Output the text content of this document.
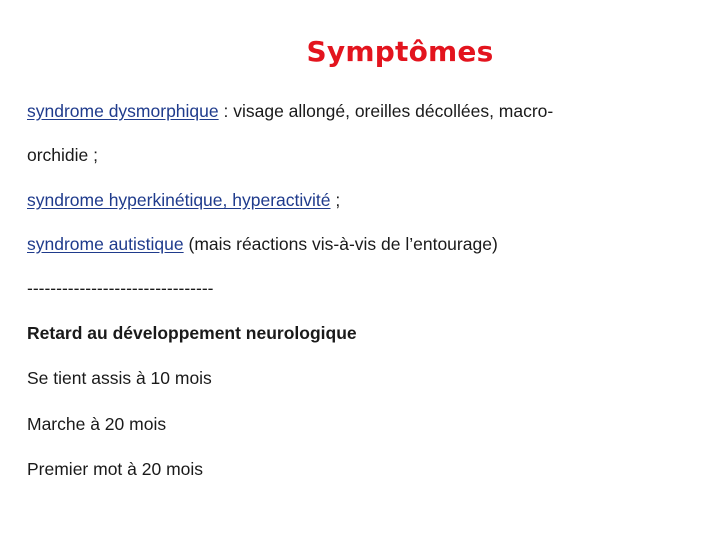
Symptômes

syndrome dysmorphique : visage allongé, oreilles décollées, macro-

orchidie ;

syndrome hyperkinétique, hyperactivité ;

syndrome autistique (mais réactions vis-à-vis de l’entourage)

--------------------------------

Retard au développement neurologique

Se tient assis à 10 mois

Marche à 20 mois

Premier mot à 20 mois
